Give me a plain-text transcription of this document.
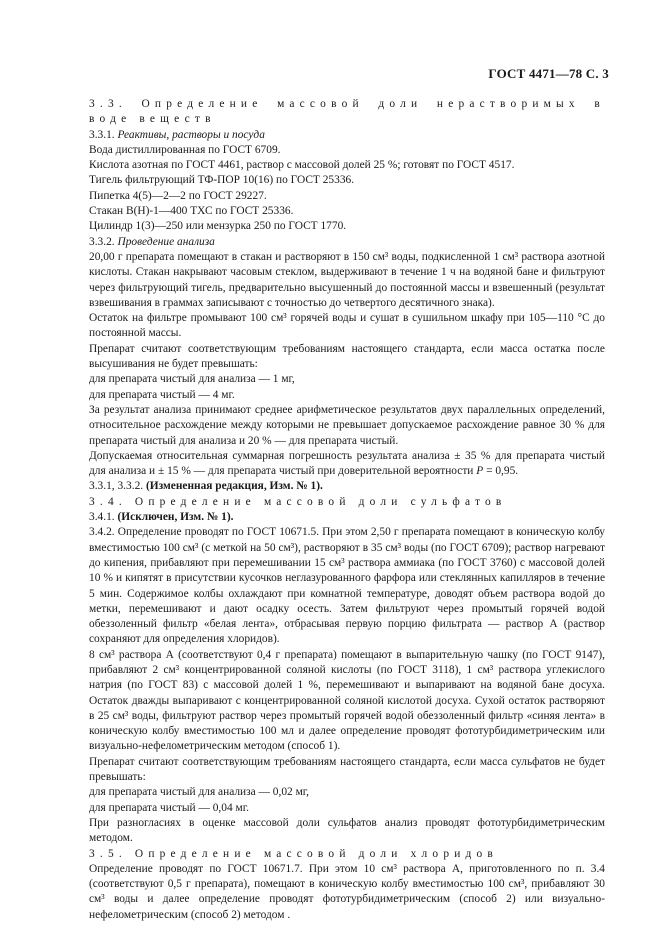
ГОСТ 4471—78 С. 3

3.3. Определение массовой доли нерастворимых в воде веществ

3.3.1. Реактивы, растворы и посуда

Вода дистиллированная по ГОСТ 6709.

Кислота азотная по ГОСТ 4461, раствор с массовой долей 25 %; готовят по ГОСТ 4517.

Тигель фильтрующий ТФ-ПОР 10(16) по ГОСТ 25336.

Пипетка 4(5)—2—2 по ГОСТ 29227.

Стакан В(Н)-1—400 ТХС по ГОСТ 25336.

Цилиндр 1(3)—250 или мензурка 250 по ГОСТ 1770.

3.3.2. Проведение анализа

20,00 г препарата помещают в стакан и растворяют в 150 см³ воды, подкисленной 1 см³ раствора азотной кислоты. Стакан накрывают часовым стеклом, выдерживают в течение 1 ч на водяной бане и фильтруют через фильтрующий тигель, предварительно высушенный до постоянной массы и взвешенный (результат взвешивания в граммах записывают с точностью до четвертого десятичного знака).

Остаток на фильтре промывают 100 см³ горячей воды и сушат в сушильном шкафу при 105—110 °С до постоянной массы.

Препарат считают соответствующим требованиям настоящего стандарта, если масса остатка после высушивания не будет превышать:

для препарата чистый для анализа — 1 мг,

для препарата чистый — 4 мг.

За результат анализа принимают среднее арифметическое результатов двух параллельных определений, относительное расхождение между которыми не превышает допускаемое расхождение равное 30 % для препарата чистый для анализа и 20 % — для препарата чистый.

Допускаемая относительная суммарная погрешность результата анализа ± 35 % для препарата чистый для анализа и ± 15 % — для препарата чистый при доверительной вероятности P = 0,95.

3.3.1, 3.3.2. (Измененная редакция, Изм. № 1).

3.4. Определение массовой доли сульфатов

3.4.1. (Исключен, Изм. № 1).

3.4.2. Определение проводят по ГОСТ 10671.5. При этом 2,50 г препарата помещают в коническую колбу вместимостью 100 см³ (с меткой на 50 см³), растворяют в 35 см³ воды (по ГОСТ 6709); раствор нагревают до кипения, прибавляют при перемешивании 15 см³ раствора аммиака (по ГОСТ 3760) с массовой долей 10 % и кипятят в присутствии кусочков неглазурованного фарфора или стеклянных капилляров в течение 5 мин. Содержимое колбы охлаждают при комнатной температуре, доводят объем раствора водой до метки, перемешивают и дают осадку осесть. Затем фильтруют через промытый горячей водой обеззоленный фильтр «белая лента», отбрасывая первую порцию фильтрата — раствор А (раствор сохраняют для определения хлоридов).

8 см³ раствора А (соответствуют 0,4 г препарата) помещают в выпарительную чашку (по ГОСТ 9147), прибавляют 2 см³ концентрированной соляной кислоты (по ГОСТ 3118), 1 см³ раствора углекислого натрия (по ГОСТ 83) с массовой долей 1 %, перемешивают и выпаривают на водяной бане досуха. Остаток дважды выпаривают с концентрированной соляной кислотой досуха. Сухой остаток растворяют в 25 см³ воды, фильтруют раствор через промытый горячей водой обеззоленный фильтр «синяя лента» в коническую колбу вместимостью 100 мл и далее определение проводят фототурбидиметрическим или визуально-нефелометрическим методом (способ 1).

Препарат считают соответствующим требованиям настоящего стандарта, если масса сульфатов не будет превышать:

для препарата чистый для анализа — 0,02 мг,

для препарата чистый — 0,04 мг.

При разногласиях в оценке массовой доли сульфатов анализ проводят фототурбидиметрическим методом.

3.5. Определение массовой доли хлоридов

Определение проводят по ГОСТ 10671.7. При этом 10 см³ раствора А, приготовленного по п. 3.4 (соответствуют 0,5 г препарата), помещают в коническую колбу вместимостью 100 см³, прибавляют 30 см³ воды и далее определение проводят фототурбидиметрическим (способ 2) или визуально-нефелометрическим (способ 2) методом .
